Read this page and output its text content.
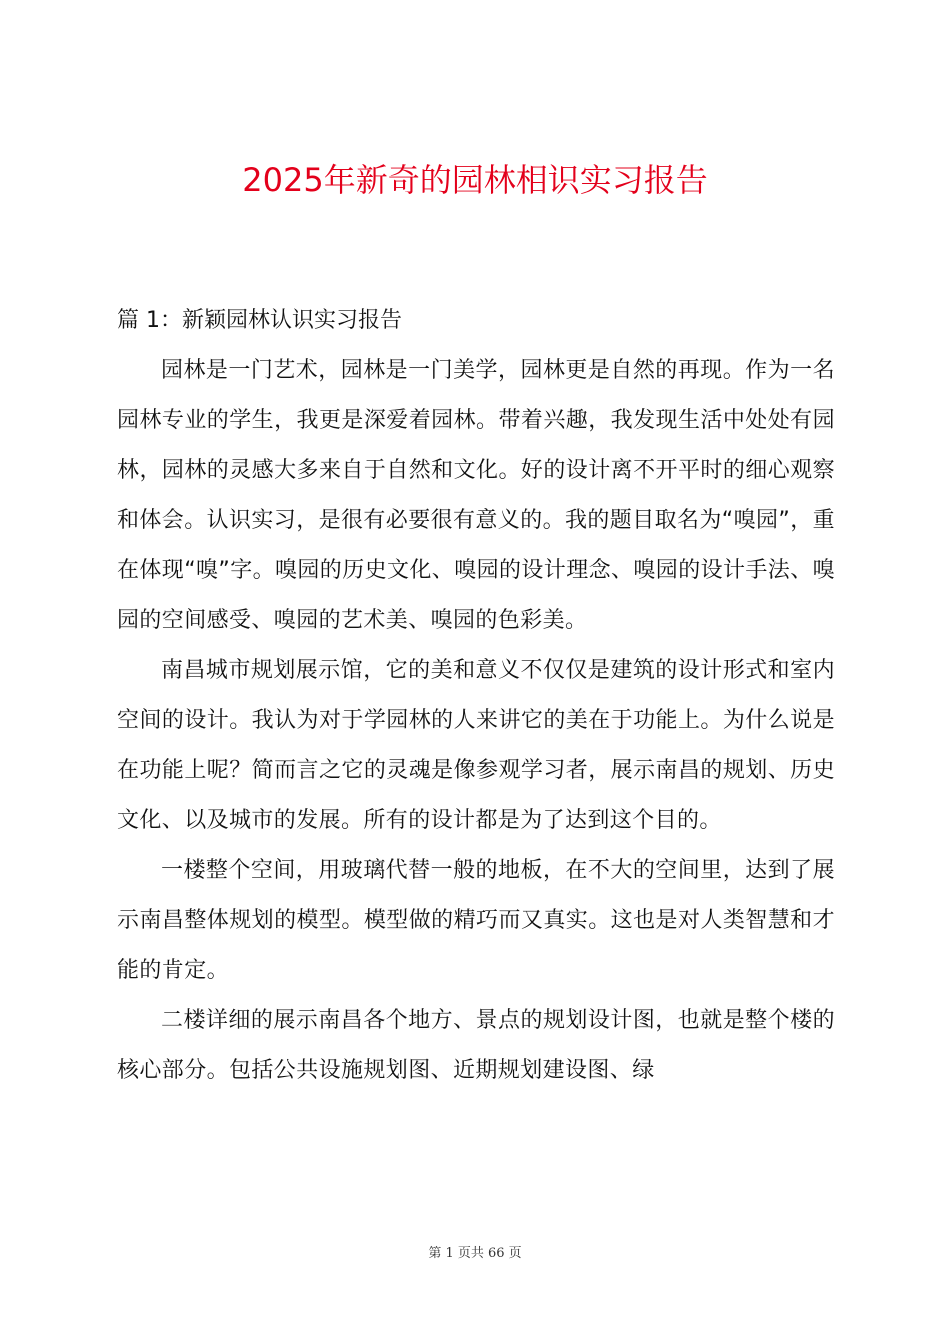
2025年新奇的园林相识实习报告

篇 1：新颖园林认识实习报告

园林是一门艺术，园林是一门美学，园林更是自然的再现。作为一名园林专业的学生，我更是深爱着园林。带着兴趣，我发现生活中处处有园林，园林的灵感大多来自于自然和文化。好的设计离不开平时的细心观察和体会。认识实习，是很有必要很有意义的。我的题目取名为“嗅园”，重在体现“嗅”字。嗅园的历史文化、嗅园的设计理念、嗅园的设计手法、嗅园的空间感受、嗅园的艺术美、嗅园的色彩美。

南昌城市规划展示馆，它的美和意义不仅仅是建筑的设计形式和室内空间的设计。我认为对于学园林的人来讲它的美在于功能上。为什么说是在功能上呢？简而言之它的灵魂是像参观学习者，展示南昌的规划、历史文化、以及城市的发展。所有的设计都是为了达到这个目的。

一楼整个空间，用玻璃代替一般的地板，在不大的空间里，达到了展示南昌整体规划的模型。模型做的精巧而又真实。这也是对人类智慧和才能的肯定。

二楼详细的展示南昌各个地方、景点的规划设计图，也就是整个楼的核心部分。包括公共设施规划图、近期规划建设图、绿

第 1 页共 66 页
